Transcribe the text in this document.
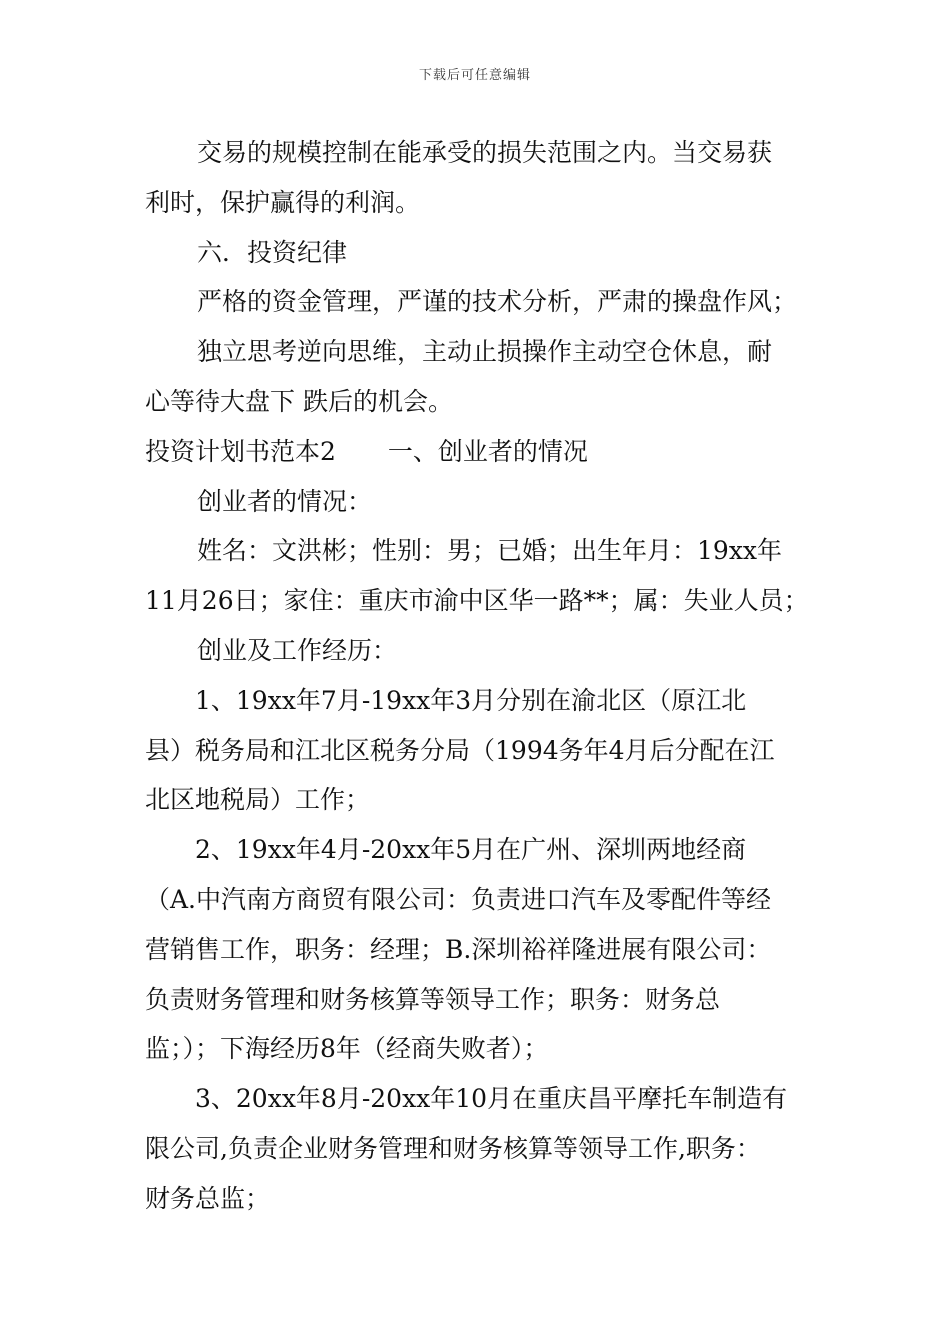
下载后可任意编辑
交易的规模控制在能承受的损失范围之内。当交易获
利时，保护赢得的利润。
六．投资纪律
严格的资金管理，严谨的技术分析，严肃的操盘作风；
独立思考逆向思维，主动止损操作主动空仓休息，耐
心等待大盘下 跌后的机会。
投资计划书范本2 一、创业者的情况
创业者的情况：
姓名：文洪彬；性别：男；已婚；出生年月：19xx年
11月26日；家住：重庆市渝中区华一路**；属：失业人员；
创业及工作经历：
1、19xx年7月-19xx年3月分别在渝北区（原江北
县）税务局和江北区税务分局（1994务年4月后分配在江
北区地税局）工作；
2、19xx年4月-20xx年5月在广州、深圳两地经商
（A.中汽南方商贸有限公司：负责进口汽车及零配件等经
营销售工作，职务：经理；B.深圳裕祥隆进展有限公司：
负责财务管理和财务核算等领导工作；职务：财务总
监；）；下海经历8年（经商失败者）；
3、20xx年8月-20xx年10月在重庆昌平摩托车制造有
限公司,负责企业财务管理和财务核算等领导工作,职务：
财务总监；
